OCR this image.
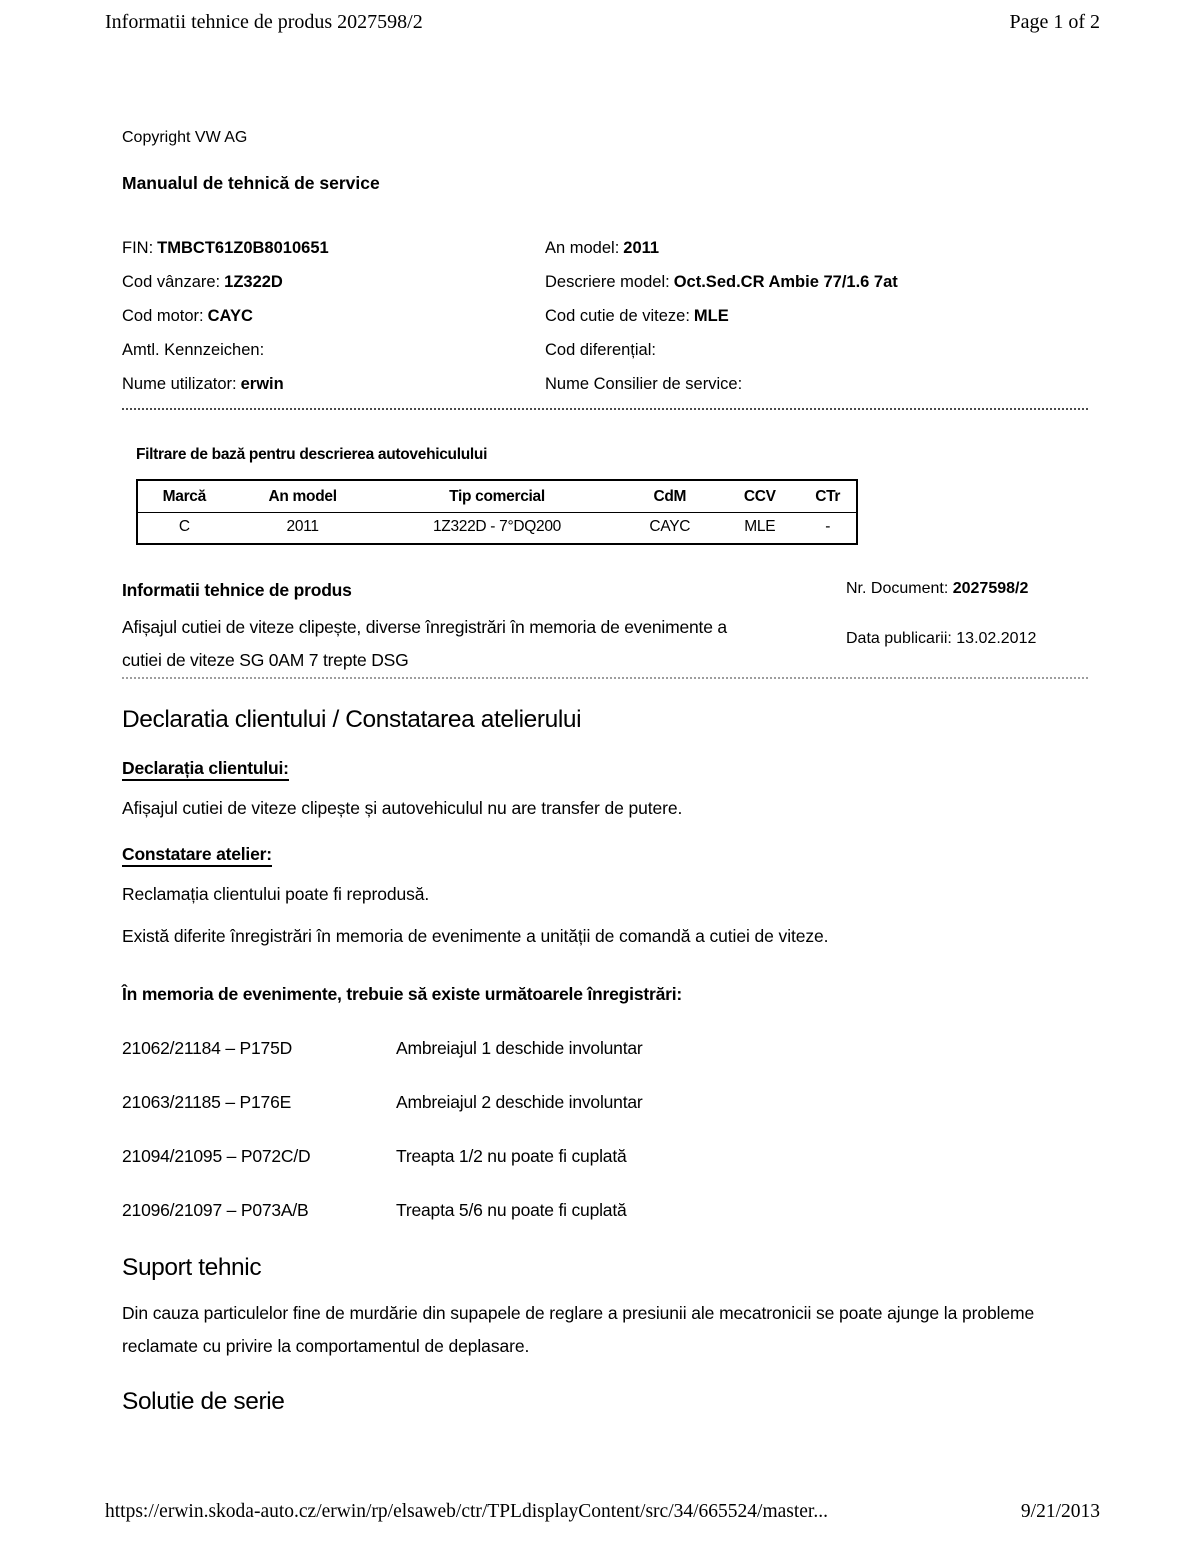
Informatii tehnice de produs 2027598/2	Page 1 of 2
Copyright VW AG
Manualul de tehnică de service
FIN: TMBCT61Z0B8010651
Cod vânzare: 1Z322D
Cod motor: CAYC
Amtl. Kennzeichen:
Nume utilizator: erwin
An model: 2011
Descriere model: Oct.Sed.CR Ambie 77/1.6 7at
Cod cutie de viteze: MLE
Cod diferențial:
Nume Consilier de service:
Filtrare de bază pentru descrierea autovehiculului
Marcă	An model	Tip comercial	CdM	CCV	CTr
C	2011	1Z322D - 7°DQ200	CAYC	MLE	-
Informatii tehnice de produs
Afișajul cutiei de viteze clipește, diverse înregistrări în memoria de evenimente a cutiei de viteze SG 0AM 7 trepte DSG
Nr. Document: 2027598/2
Data publicarii: 13.02.2012
Declaratia clientului / Constatarea atelierului
Declarația clientului:
Afișajul cutiei de viteze clipește și autovehiculul nu are transfer de putere.
Constatare atelier:
Reclamația clientului poate fi reprodusă.
Există diferite înregistrări în memoria de evenimente a unității de comandă a cutiei de viteze.
În memoria de evenimente, trebuie să existe următoarele înregistrări:
21062/21184 – P175D	Ambreiajul 1 deschide involuntar
21063/21185 – P176E	Ambreiajul 2 deschide involuntar
21094/21095 – P072C/D	Treapta 1/2 nu poate fi cuplată
21096/21097 – P073A/B	Treapta 5/6 nu poate fi cuplată
Suport tehnic
Din cauza particulelor fine de murdărie din supapele de reglare a presiunii ale mecatronicii se poate ajunge la probleme reclamate cu privire la comportamentul de deplasare.
Solutie de serie
https://erwin.skoda-auto.cz/erwin/rp/elsaweb/ctr/TPLdisplayContent/src/34/665524/master...	9/21/2013
